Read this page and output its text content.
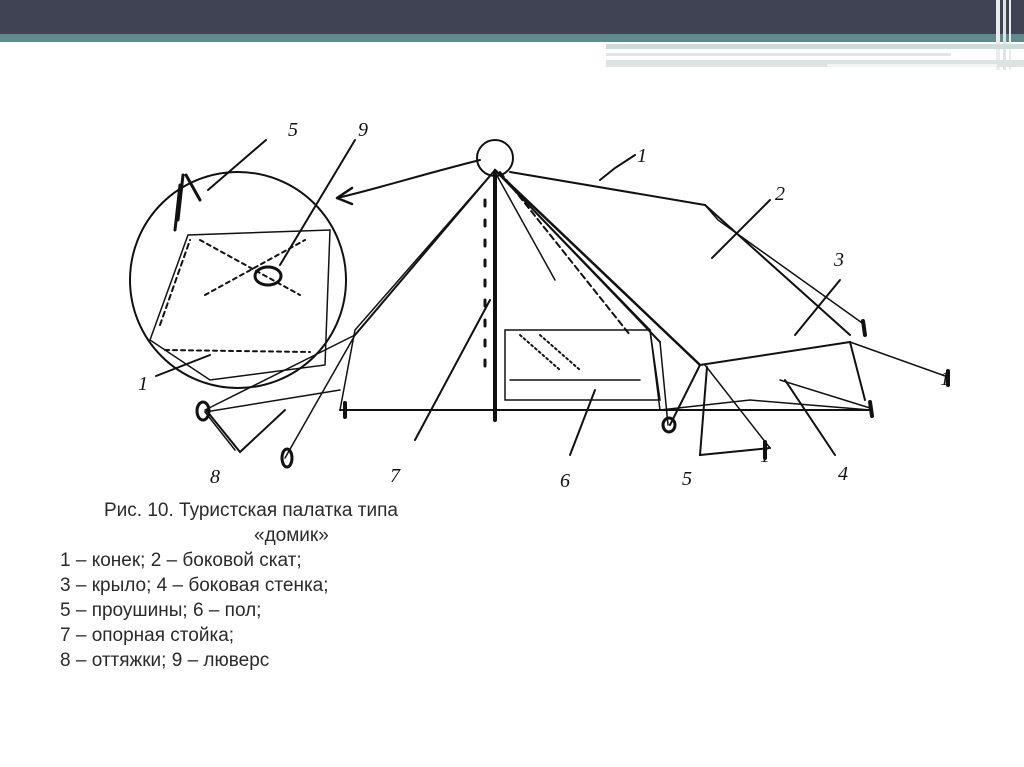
1
2
3
4
5
6
7
8
9
5
1	1
1
Рис. 10. Туристская палатка типа
«домик»
1 – конек; 2 – боковой скат;
3 – крыло; 4 – боковая стенка;
5 – проушины; 6 – пол;
7 – опорная стойка;
8 – оттяжки; 9 – люверс
